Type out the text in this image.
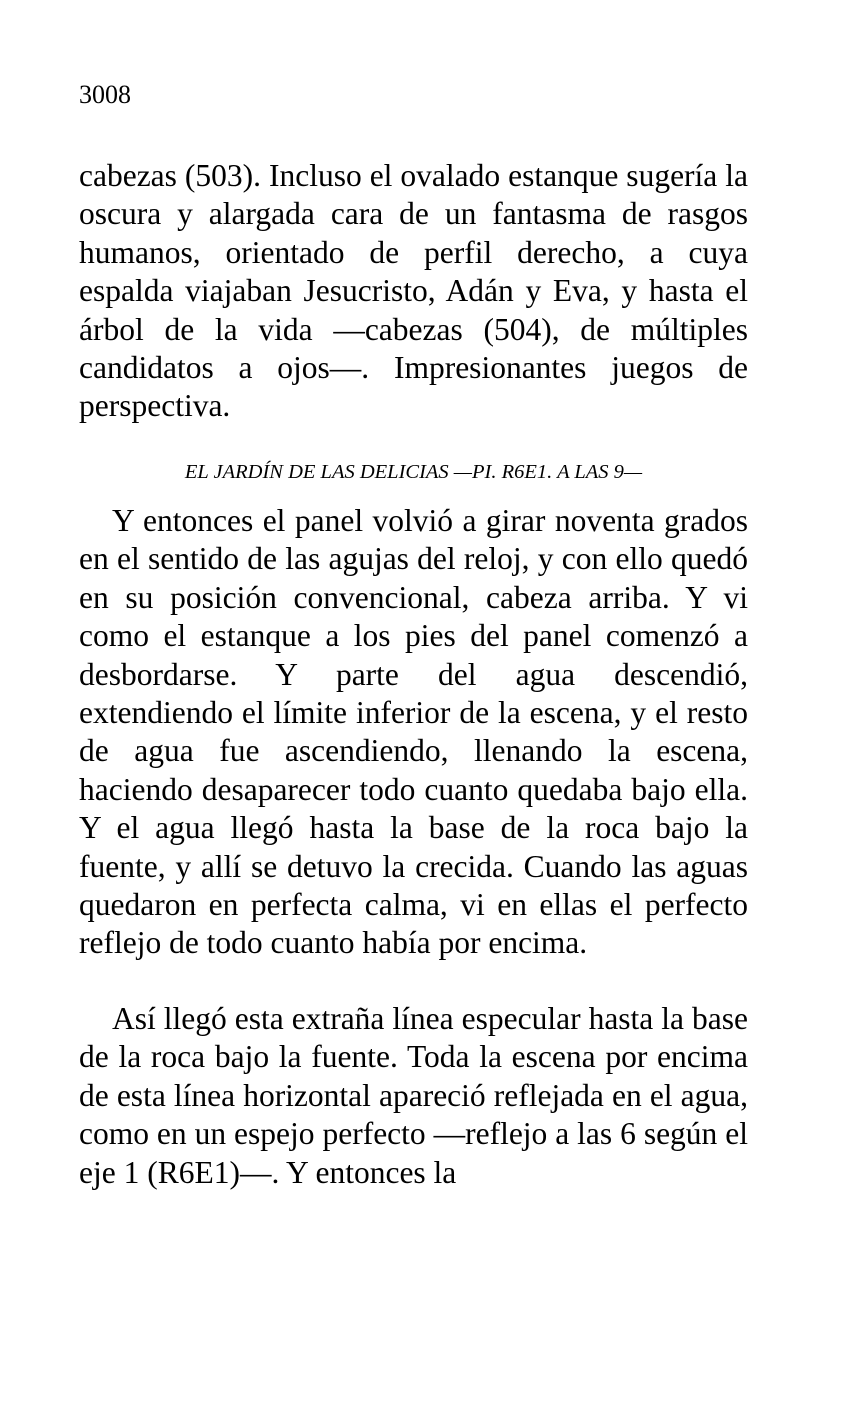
3008

cabezas (503). Incluso el ovalado estanque sugería la oscura y alargada cara de un fantasma de rasgos humanos, orientado de perfil derecho, a cuya espalda viajaban Jesucristo, Adán y Eva, y hasta el árbol de la vida —cabezas (504), de múltiples candidatos a ojos—. Impresionantes juegos de perspectiva.

EL JARDÍN DE LAS DELICIAS —PI. R6E1. A LAS 9—

Y entonces el panel volvió a girar noventa grados en el sentido de las agujas del reloj, y con ello quedó en su posición convencional, cabeza arriba. Y vi como el estanque a los pies del panel comenzó a desbordarse. Y parte del agua descendió, extendiendo el límite inferior de la escena, y el resto de agua fue ascendiendo, llenando la escena, haciendo desaparecer todo cuanto quedaba bajo ella. Y el agua llegó hasta la base de la roca bajo la fuente, y allí se detuvo la crecida. Cuando las aguas quedaron en perfecta calma, vi en ellas el perfecto reflejo de todo cuanto había por encima.

Así llegó esta extraña línea especular hasta la base de la roca bajo la fuente. Toda la escena por encima de esta línea horizontal apareció reflejada en el agua, como en un espejo perfecto —reflejo a las 6 según el eje 1 (R6E1)—. Y entonces la
